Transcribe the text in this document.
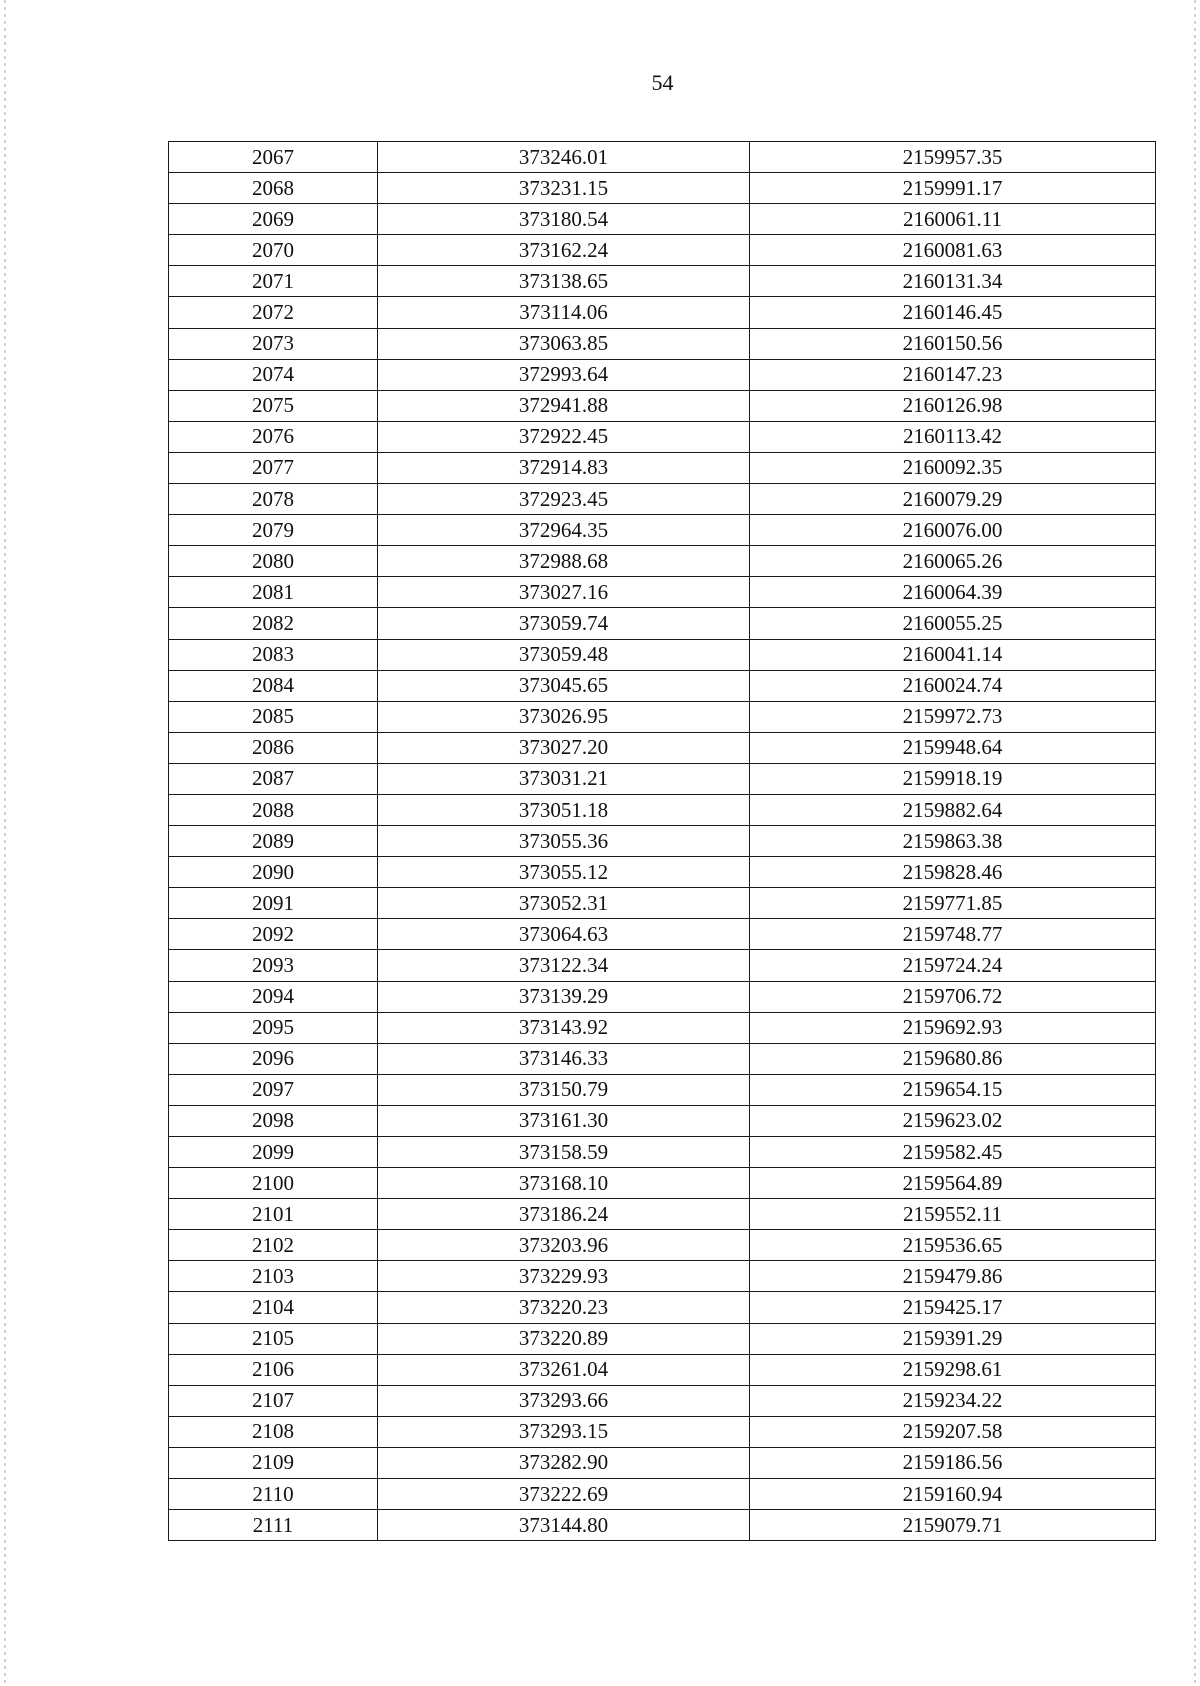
54
2067	373246.01	2159957.35
2068	373231.15	2159991.17
2069	373180.54	2160061.11
2070	373162.24	2160081.63
2071	373138.65	2160131.34
2072	373114.06	2160146.45
2073	373063.85	2160150.56
2074	372993.64	2160147.23
2075	372941.88	2160126.98
2076	372922.45	2160113.42
2077	372914.83	2160092.35
2078	372923.45	2160079.29
2079	372964.35	2160076.00
2080	372988.68	2160065.26
2081	373027.16	2160064.39
2082	373059.74	2160055.25
2083	373059.48	2160041.14
2084	373045.65	2160024.74
2085	373026.95	2159972.73
2086	373027.20	2159948.64
2087	373031.21	2159918.19
2088	373051.18	2159882.64
2089	373055.36	2159863.38
2090	373055.12	2159828.46
2091	373052.31	2159771.85
2092	373064.63	2159748.77
2093	373122.34	2159724.24
2094	373139.29	2159706.72
2095	373143.92	2159692.93
2096	373146.33	2159680.86
2097	373150.79	2159654.15
2098	373161.30	2159623.02
2099	373158.59	2159582.45
2100	373168.10	2159564.89
2101	373186.24	2159552.11
2102	373203.96	2159536.65
2103	373229.93	2159479.86
2104	373220.23	2159425.17
2105	373220.89	2159391.29
2106	373261.04	2159298.61
2107	373293.66	2159234.22
2108	373293.15	2159207.58
2109	373282.90	2159186.56
2110	373222.69	2159160.94
2111	373144.80	2159079.71
